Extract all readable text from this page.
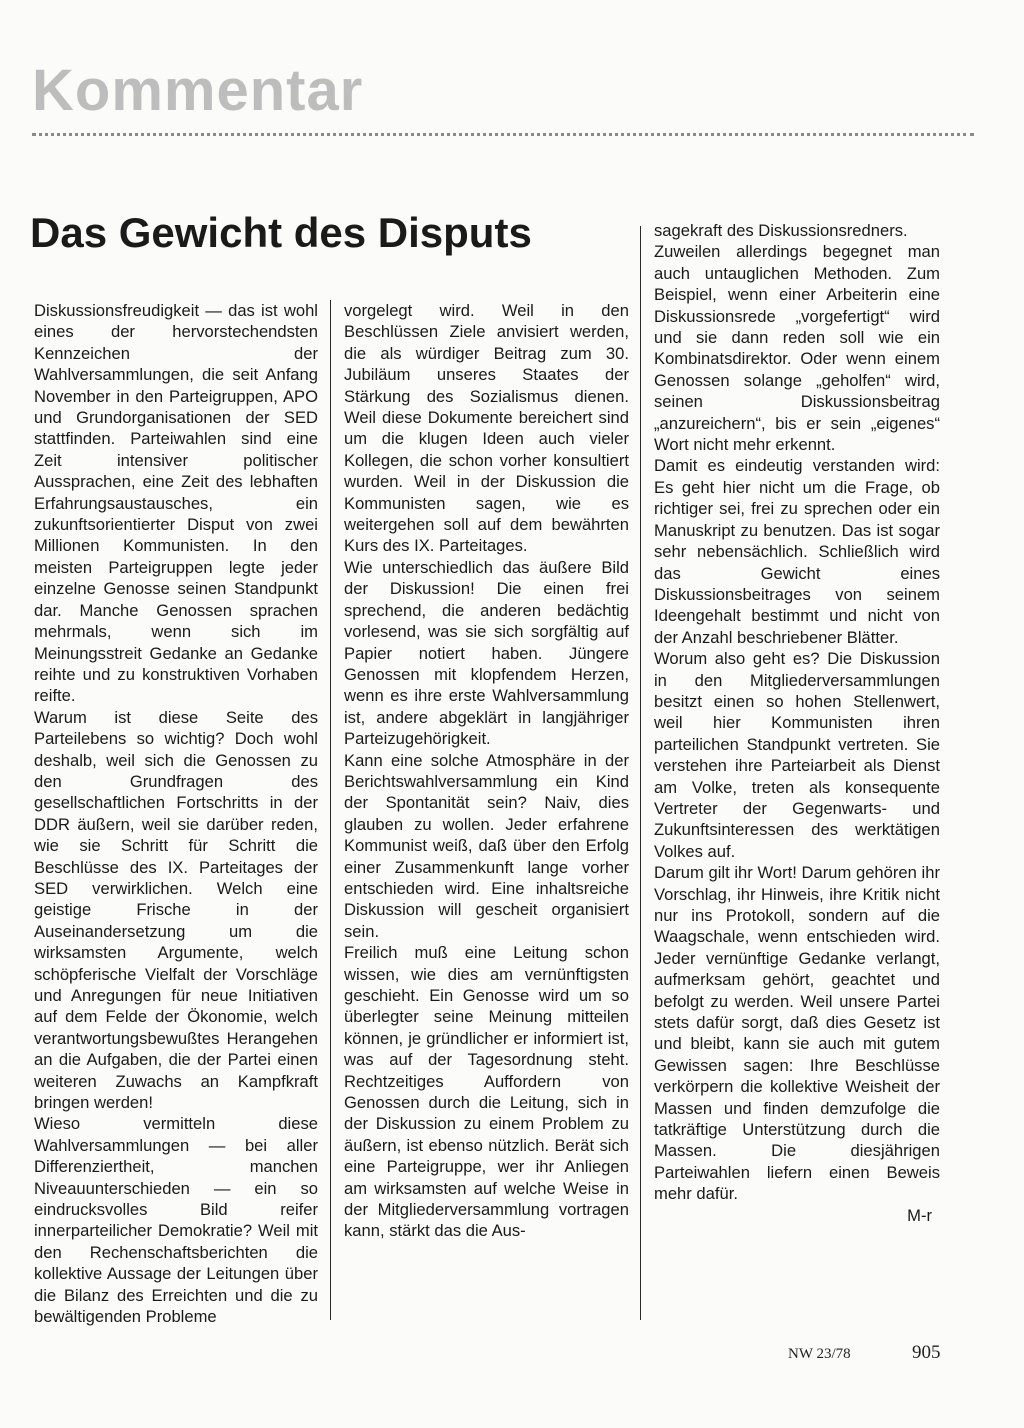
Kommentar
Das Gewicht des Disputs

Diskussionsfreudigkeit — das ist wohl eines der hervorstechendsten Kennzeichen der Wahlversammlungen, die seit Anfang November in den Parteigruppen, APO und Grundorganisationen der SED stattfinden. Parteiwahlen sind eine Zeit intensiver politischer Aussprachen, eine Zeit des lebhaften Erfahrungsaustausches, ein zukunftsorientierter Disput von zwei Millionen Kommunisten. In den meisten Parteigruppen legte jeder einzelne Genosse seinen Standpunkt dar. Manche Genossen sprachen mehrmals, wenn sich im Meinungsstreit Gedanke an Gedanke reihte und zu konstruktiven Vorhaben reifte.

Warum ist diese Seite des Parteilebens so wichtig? Doch wohl deshalb, weil sich die Genossen zu den Grundfragen des gesellschaftlichen Fortschritts in der DDR äußern, weil sie darüber reden, wie sie Schritt für Schritt die Beschlüsse des IX. Parteitages der SED verwirklichen. Welch eine geistige Frische in der Auseinandersetzung um die wirksamsten Argumente, welch schöpferische Vielfalt der Vorschläge und Anregungen für neue Initiativen auf dem Felde der Ökonomie, welch verantwortungsbewußtes Herangehen an die Aufgaben, die der Partei einen weiteren Zuwachs an Kampfkraft bringen werden!

Wieso vermitteln diese Wahlversammlungen — bei aller Differenziertheit, manchen Niveauunterschieden — ein so eindrucksvolles Bild reifer innerparteilicher Demokratie? Weil mit den Rechenschaftsberichten die kollektive Aussage der Leitungen über die Bilanz des Erreichten und die zu bewältigenden Probleme

vorgelegt wird. Weil in den Beschlüssen Ziele anvisiert werden, die als würdiger Beitrag zum 30. Jubiläum unseres Staates der Stärkung des Sozialismus dienen. Weil diese Dokumente bereichert sind um die klugen Ideen auch vieler Kollegen, die schon vorher konsultiert wurden. Weil in der Diskussion die Kommunisten sagen, wie es weitergehen soll auf dem bewährten Kurs des IX. Parteitages.

Wie unterschiedlich das äußere Bild der Diskussion! Die einen frei sprechend, die anderen bedächtig vorlesend, was sie sich sorgfältig auf Papier notiert haben. Jüngere Genossen mit klopfendem Herzen, wenn es ihre erste Wahlversammlung ist, andere abgeklärt in langjähriger Parteizugehörigkeit.

Kann eine solche Atmosphäre in der Berichtswahlversammlung ein Kind der Spontanität sein? Naiv, dies glauben zu wollen. Jeder erfahrene Kommunist weiß, daß über den Erfolg einer Zusammenkunft lange vorher entschieden wird. Eine inhaltsreiche Diskussion will gescheit organisiert sein.

Freilich muß eine Leitung schon wissen, wie dies am vernünftigsten geschieht. Ein Genosse wird um so überlegter seine Meinung mitteilen können, je gründlicher er informiert ist, was auf der Tagesordnung steht. Rechtzeitiges Auffordern von Genossen durch die Leitung, sich in der Diskussion zu einem Problem zu äußern, ist ebenso nützlich. Berät sich eine Parteigruppe, wer ihr Anliegen am wirksamsten auf welche Weise in der Mitgliederversammlung vortragen kann, stärkt das die Aus-

sagekraft des Diskussionsredners.

Zuweilen allerdings begegnet man auch untauglichen Methoden. Zum Beispiel, wenn einer Arbeiterin eine Diskussionsrede „vorgefertigt“ wird und sie dann reden soll wie ein Kombinatsdirektor. Oder wenn einem Genossen solange „geholfen“ wird, seinen Diskussionsbeitrag „anzureichern“, bis er sein „eigenes“ Wort nicht mehr erkennt.

Damit es eindeutig verstanden wird: Es geht hier nicht um die Frage, ob richtiger sei, frei zu sprechen oder ein Manuskript zu benutzen. Das ist sogar sehr nebensächlich. Schließlich wird das Gewicht eines Diskussionsbeitrages von seinem Ideengehalt bestimmt und nicht von der Anzahl beschriebener Blätter.

Worum also geht es? Die Diskussion in den Mitgliederversammlungen besitzt einen so hohen Stellenwert, weil hier Kommunisten ihren parteilichen Standpunkt vertreten. Sie verstehen ihre Parteiarbeit als Dienst am Volke, treten als konsequente Vertreter der Gegenwarts- und Zukunftsinteressen des werktätigen Volkes auf.

Darum gilt ihr Wort! Darum gehören ihr Vorschlag, ihr Hinweis, ihre Kritik nicht nur ins Protokoll, sondern auf die Waagschale, wenn entschieden wird. Jeder vernünftige Gedanke verlangt, aufmerksam gehört, geachtet und befolgt zu werden. Weil unsere Partei stets dafür sorgt, daß dies Gesetz ist und bleibt, kann sie auch mit gutem Gewissen sagen: Ihre Beschlüsse verkörpern die kollektive Weisheit der Massen und finden demzufolge die tatkräftige Unterstützung durch die Massen. Die diesjährigen Parteiwahlen liefern einen Beweis mehr dafür.

M-r

NW 23/78	905
